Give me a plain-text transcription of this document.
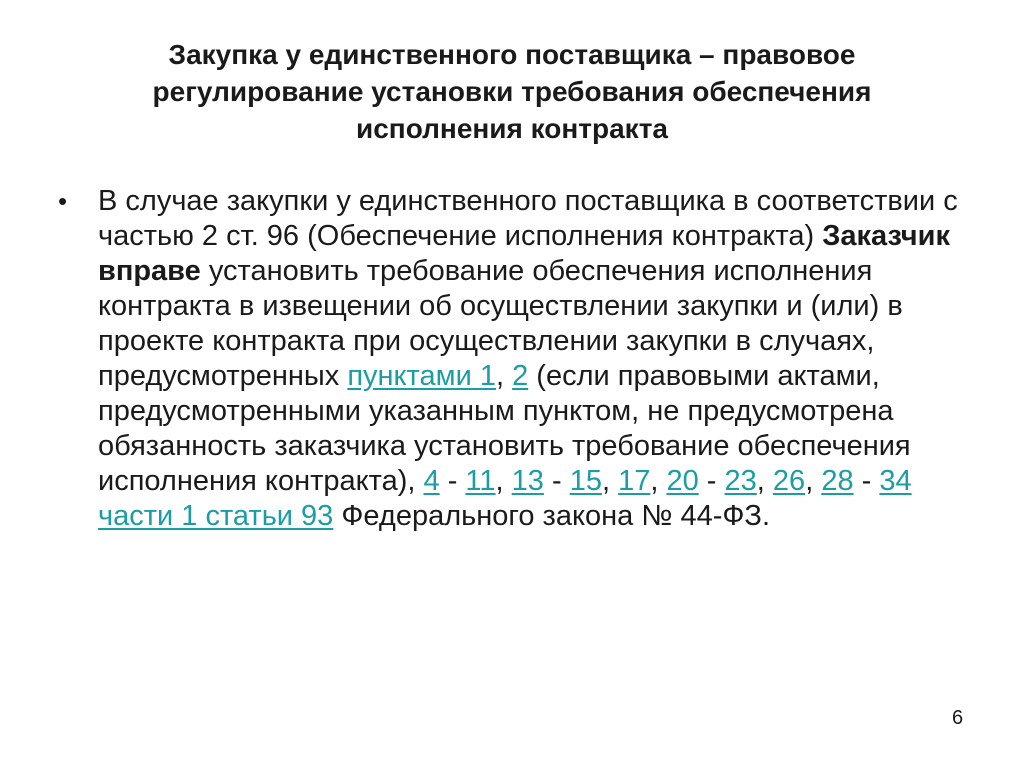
Закупка у единственного поставщика – правовое
регулирование установки требования обеспечения
исполнения контракта
•	В случае закупки у единственного поставщика в соответствии с частью 2 ст. 96 (Обеспечение исполнения контракта) Заказчик вправе установить требование обеспечения исполнения контракта в извещении об осуществлении закупки и (или) в проекте контракта при осуществлении закупки в случаях, предусмотренных пунктами 1, 2 (если правовыми актами, предусмотренными указанным пунктом, не предусмотрена обязанность заказчика установить требование обеспечения исполнения контракта), 4 - 11, 13 - 15, 17, 20 - 23, 26, 28 - 34 части 1 статьи 93 Федерального закона № 44-ФЗ.
6
